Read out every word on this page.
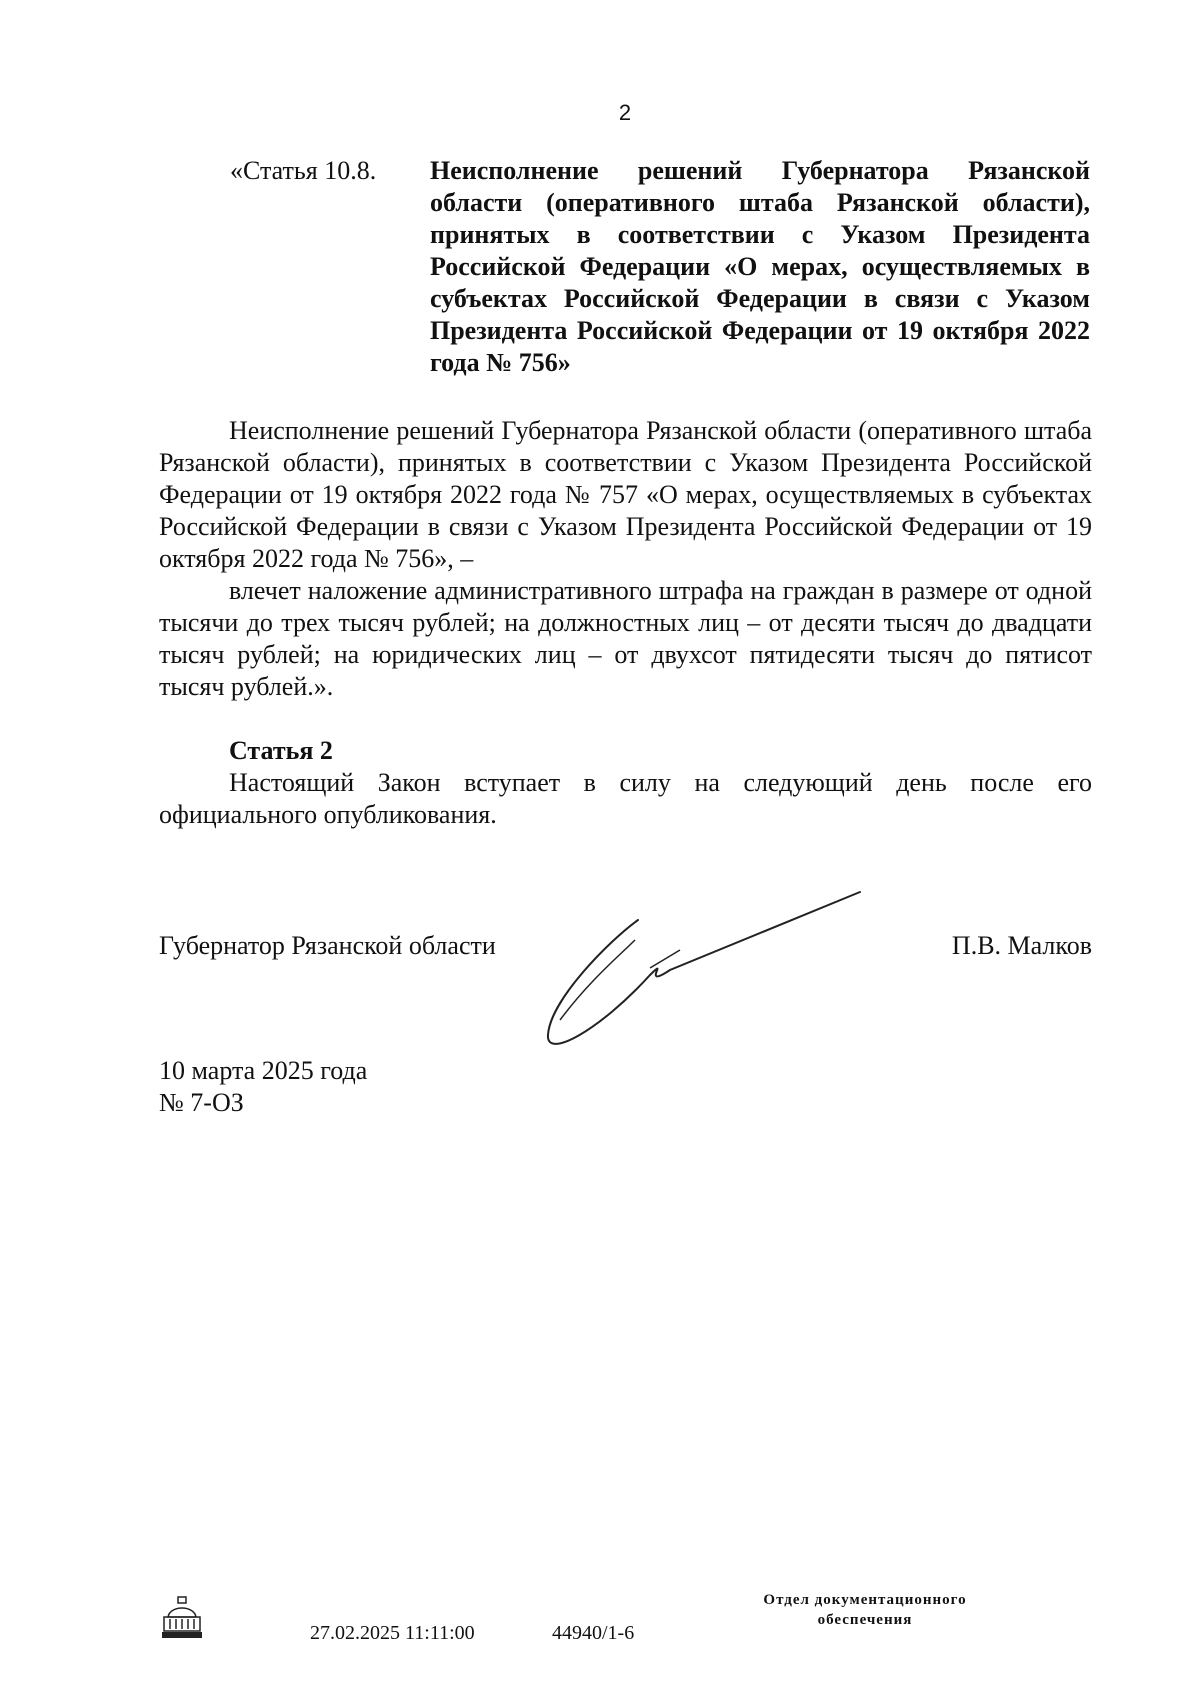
2
«Статья 10.8.	Неисполнение решений Губернатора Рязанской области (оперативного штаба Рязанской области), принятых в соответствии с Указом Президента Российской Федерации «О мерах, осуществляемых в субъектах Российской Федерации в связи с Указом Президента Российской Федерации от 19 октября 2022 года № 756»

Неисполнение решений Губернатора Рязанской области (оперативного штаба Рязанской области), принятых в соответствии с Указом Президента Российской Федерации от 19 октября 2022 года № 757 «О мерах, осуществляемых в субъектах Российской Федерации в связи с Указом Президента Российской Федерации от 19 октября 2022 года № 756», –

влечет наложение административного штрафа на граждан в размере от одной тысячи до трех тысяч рублей; на должностных лиц – от десяти тысяч до двадцати тысяч рублей; на юридических лиц – от двухсот пятидесяти тысяч до пятисот тысяч рублей.».

Статья 2

Настоящий Закон вступает в силу на следующий день после его официального опубликования.

Губернатор Рязанской области	П.В. Малков
10 марта 2025 года
№ 7-ОЗ
27.02.2025 11:11:00	44940/1-6
Отдел документационного
обеспечения
